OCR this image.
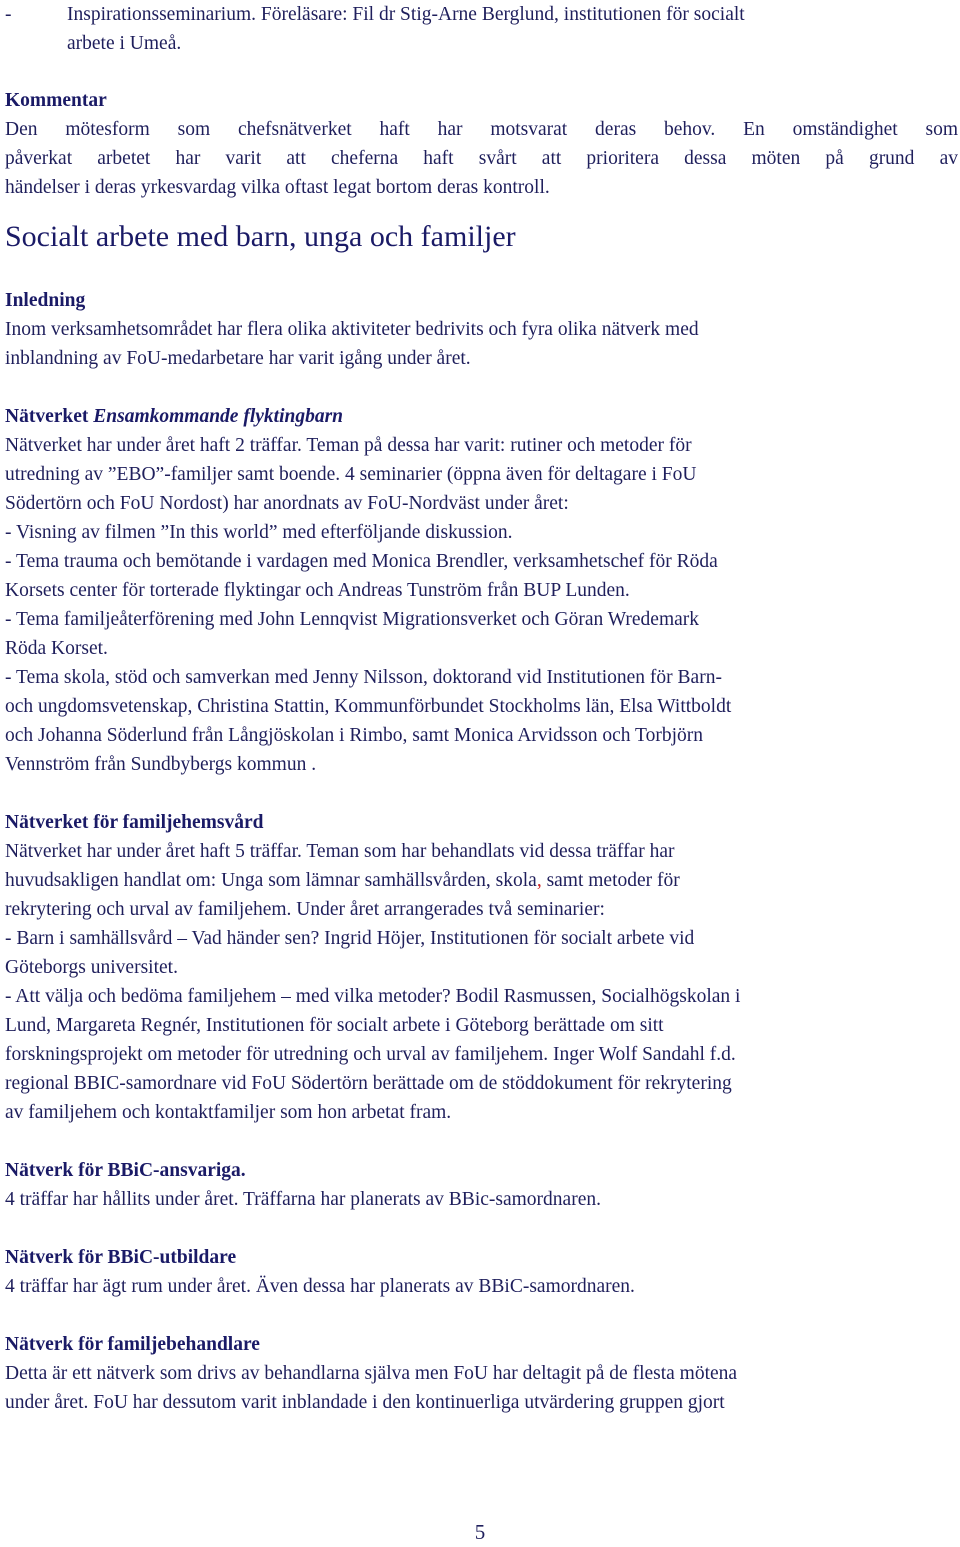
-	Inspirationsseminarium. Föreläsare: Fil dr Stig-Arne Berglund, institutionen för socialt

arbete i Umeå.

Kommentar

Den mötesform som chefsnätverket haft har motsvarat deras behov. En omständighet som

påverkat arbetet har varit att cheferna haft svårt att prioritera dessa möten på grund av

händelser i deras yrkesvardag vilka oftast legat bortom deras kontroll.

Socialt arbete med barn, unga och familjer

Inledning

Inom verksamhetsområdet har flera olika aktiviteter bedrivits och fyra olika nätverk med

inblandning av FoU-medarbetare har varit igång under året.

Nätverket Ensamkommande flyktingbarn

Nätverket har under året haft 2 träffar. Teman på dessa har varit: rutiner och metoder för

utredning av ”EBO”-familjer samt boende. 4 seminarier (öppna även för deltagare i FoU

Södertörn och FoU Nordost) har anordnats av FoU-Nordväst under året:

- Visning av filmen ”In this world” med efterföljande diskussion.

- Tema trauma och bemötande i vardagen med Monica Brendler, verksamhetschef för Röda

Korsets center för torterade flyktingar och Andreas Tunström från BUP Lunden.

- Tema familjeåterförening med John Lennqvist Migrationsverket och Göran Wredemark

Röda Korset.

- Tema skola, stöd och samverkan med Jenny Nilsson, doktorand vid Institutionen för Barn-

och ungdomsvetenskap, Christina Stattin, Kommunförbundet Stockholms län, Elsa Wittboldt

och Johanna Söderlund från Långjöskolan i Rimbo, samt Monica Arvidsson och Torbjörn

Vennström från Sundbybergs kommun .

Nätverket för familjehemsvård

Nätverket har under året haft 5 träffar. Teman som har behandlats vid dessa träffar har

huvudsakligen handlat om: Unga som lämnar samhällsvården, skola, samt metoder för

rekrytering och urval av familjehem. Under året arrangerades två seminarier:

- Barn i samhällsvård – Vad händer sen? Ingrid Höjer, Institutionen för socialt arbete vid

Göteborgs universitet.

- Att välja och bedöma familjehem – med vilka metoder? Bodil Rasmussen, Socialhögskolan i

Lund, Margareta Regnér, Institutionen för socialt arbete i Göteborg berättade om sitt

forskningsprojekt om metoder för utredning och urval av familjehem. Inger Wolf Sandahl f.d.

regional BBIC-samordnare vid FoU Södertörn berättade om de stöddokument för rekrytering

av familjehem och kontaktfamiljer som hon arbetat fram.

Nätverk för BBiC-ansvariga.

4 träffar har hållits under året. Träffarna har planerats av BBic-samordnaren.

Nätverk för BBiC-utbildare

4 träffar har ägt rum under året. Även dessa har planerats av BBiC-samordnaren.

Nätverk för familjebehandlare

Detta är ett nätverk som drivs av behandlarna själva men FoU har deltagit på de flesta mötena

under året. FoU har dessutom varit inblandade i den kontinuerliga utvärdering gruppen gjort

5
